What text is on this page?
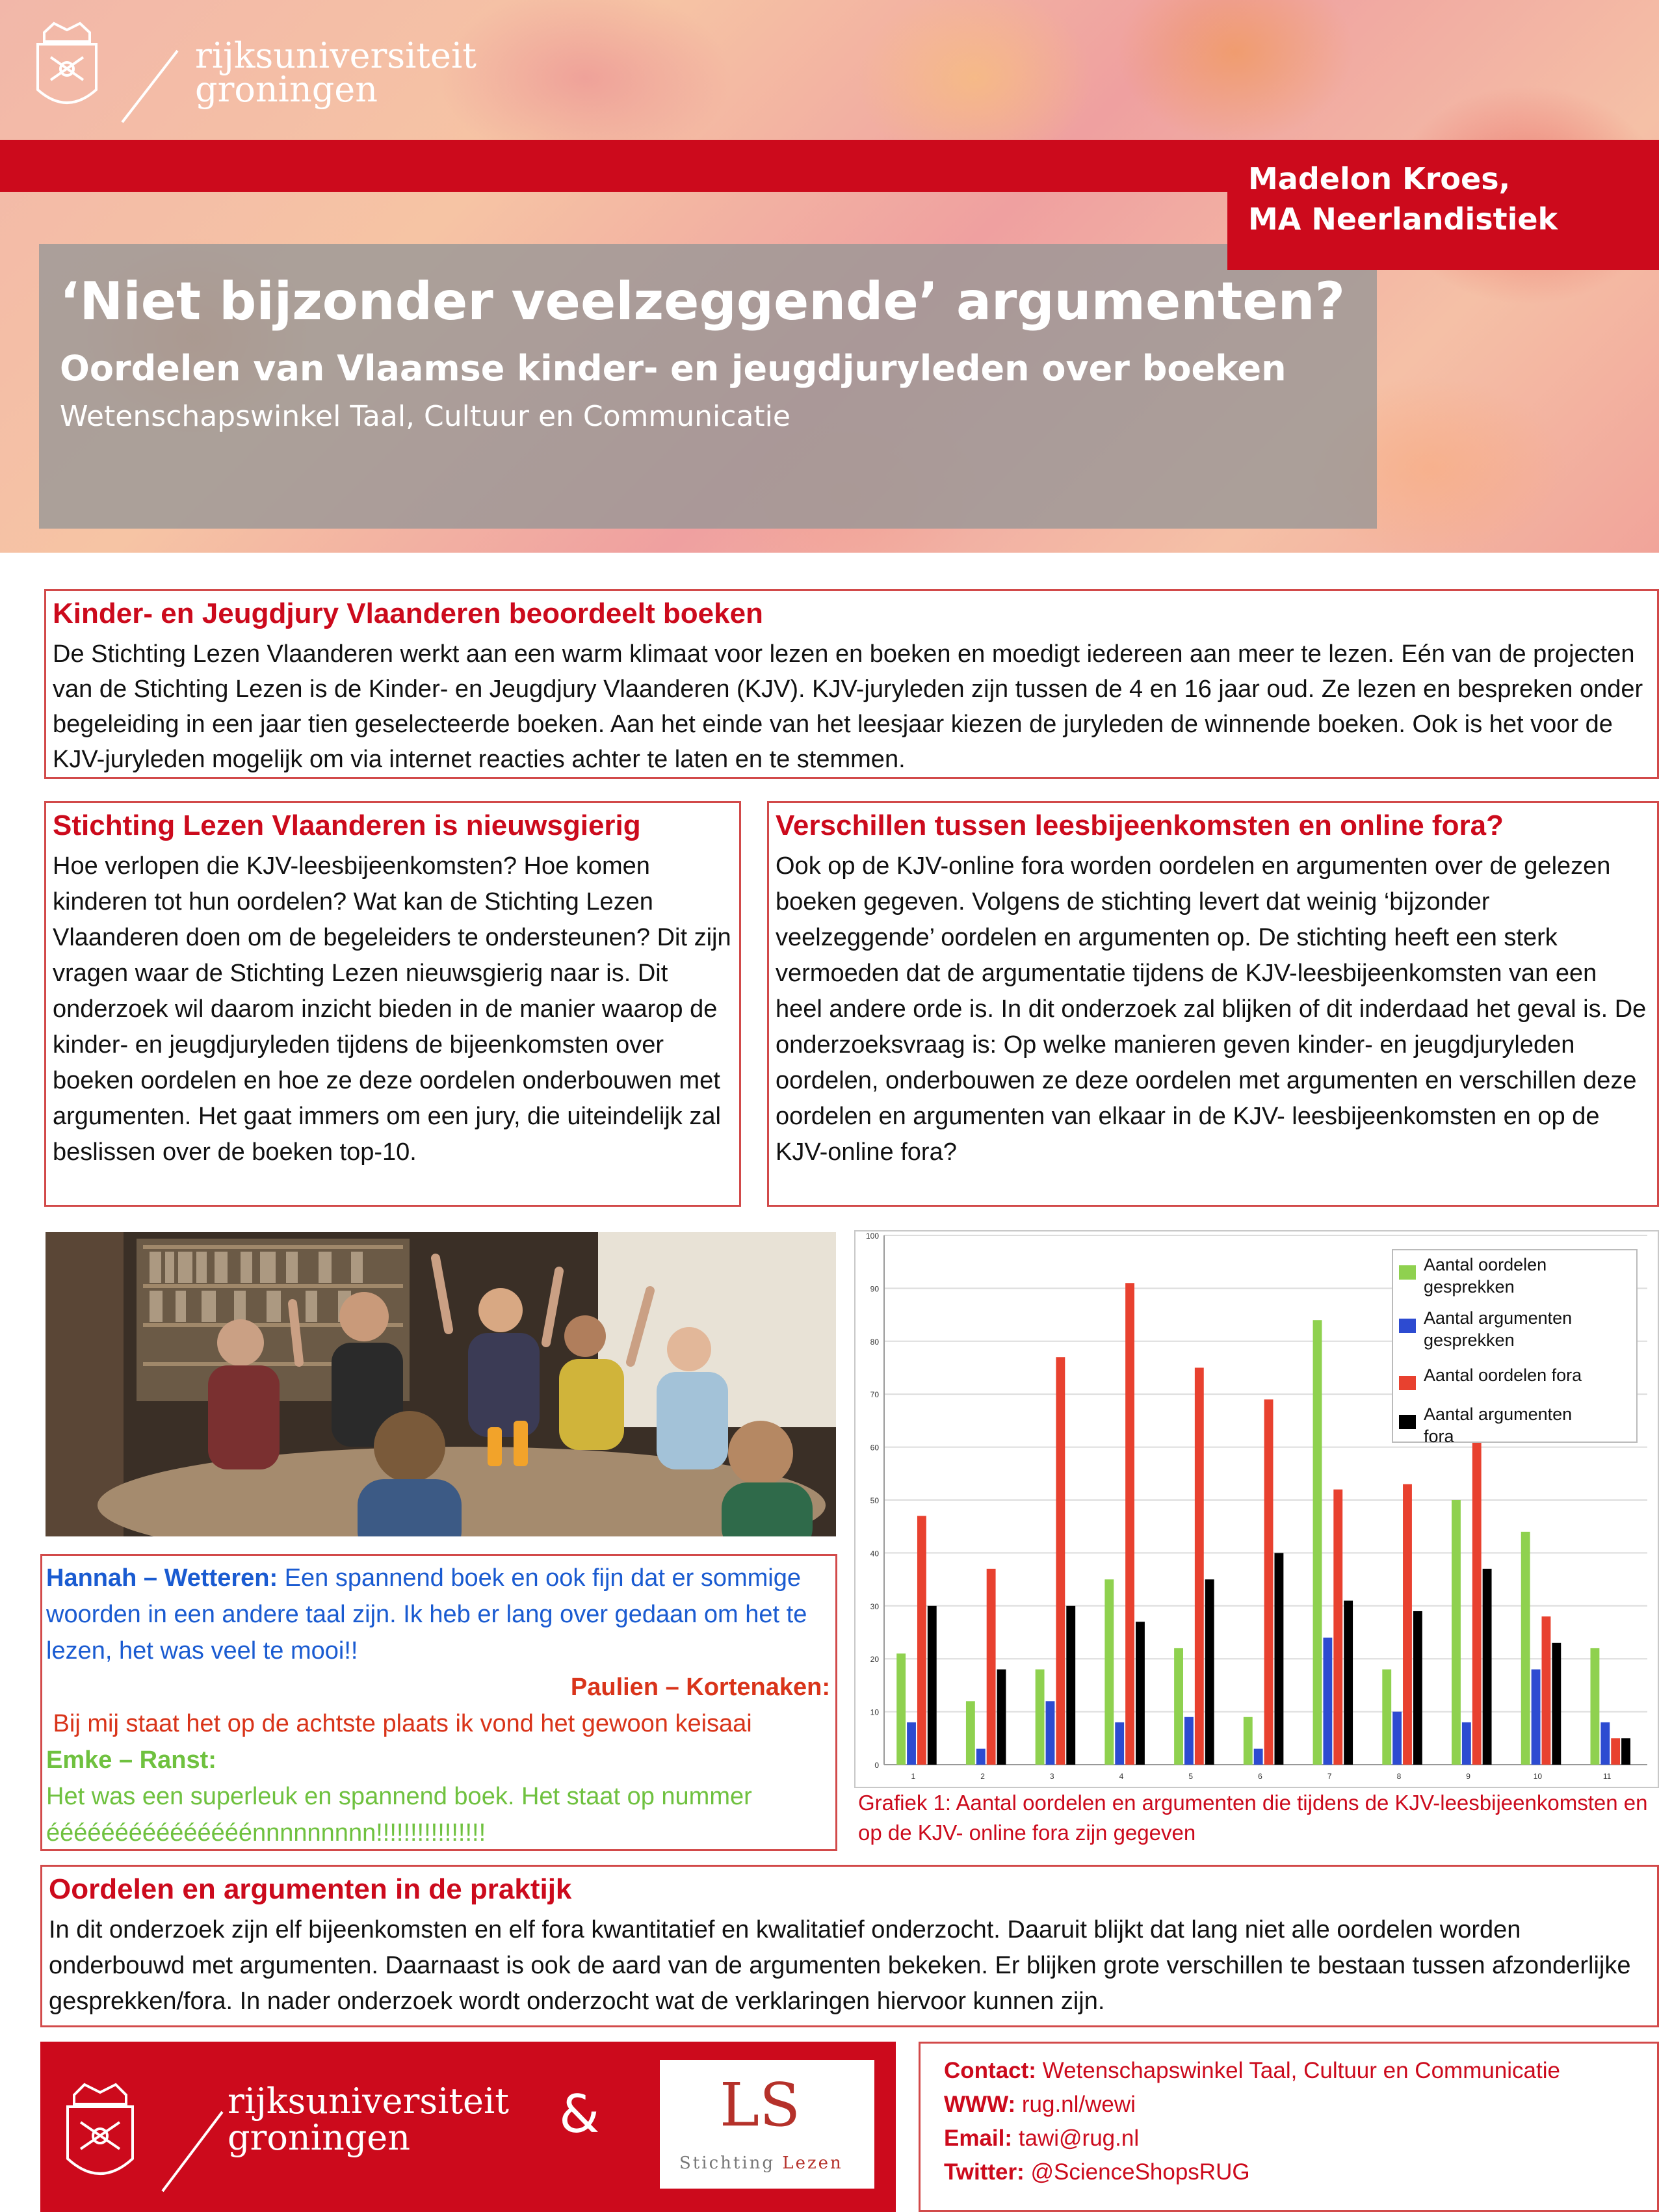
rijksuniversiteit
groningen
‘Niet bijzonder veelzeggende’ argumenten?
Oordelen van Vlaamse kinder- en jeugdjuryleden over boeken
Wetenschapswinkel Taal, Cultuur en Communicatie
Madelon Kroes,
MA Neerlandistiek
Kinder- en Jeugdjury Vlaanderen beoordeelt boeken
De Stichting Lezen Vlaanderen werkt aan een warm klimaat voor lezen en boeken en moedigt iedereen aan meer te lezen. Eén van de projecten van de Stichting Lezen is de Kinder- en Jeugdjury Vlaanderen (KJV). KJV-juryleden zijn tussen de 4 en 16 jaar oud. Ze lezen en bespreken onder begeleiding in een jaar tien geselecteerde boeken. Aan het einde van het leesjaar kiezen de juryleden de winnende boeken. Ook is het voor de KJV-juryleden mogelijk om via internet reacties achter te laten en te stemmen.
Stichting Lezen Vlaanderen is nieuwsgierig
Hoe verlopen die KJV-leesbijeenkomsten? Hoe komen kinderen tot hun oordelen? Wat kan de Stichting Lezen Vlaanderen doen om de begeleiders te ondersteunen? Dit zijn vragen waar de Stichting Lezen nieuwsgierig naar is. Dit onderzoek wil daarom inzicht bieden in de manier waarop de kinder- en jeugdjuryleden tijdens de bijeenkomsten over boeken oordelen en hoe ze deze oordelen onderbouwen met argumenten. Het gaat immers om een jury, die uiteindelijk zal beslissen over de boeken top-10.
Verschillen tussen leesbijeenkomsten en online fora?
Ook op de KJV-online fora worden oordelen en argumenten over de gelezen boeken gegeven. Volgens de stichting levert dat weinig ‘bijzonder veelzeggende’ oordelen en argumenten op. De stichting heeft een sterk vermoeden dat de argumentatie tijdens de KJV-leesbijeenkomsten van een heel andere orde is. In dit onderzoek zal blijken of dit inderdaad het geval is. De onderzoeksvraag is: Op welke manieren geven kinder- en jeugdjuryleden oordelen, onderbouwen ze deze oordelen met argumenten en verschillen deze oordelen en argumenten van elkaar in de KJV- leesbijeenkomsten en op de KJV-online fora?
Hannah – Wetteren: Een spannend boek en ook fijn dat er sommige woorden in een andere taal zijn. Ik heb er lang over gedaan om het te lezen, het was veel te mooi!!
Paulien – Kortenaken:
Bij mij staat het op de achtste plaats ik vond het gewoon keisaai
Emke – Ranst:
Het was een superleuk en spannend boek. Het staat op nummer ééééééééééééééénnnnnnnnn!!!!!!!!!!!!!!!!
0
10
20
30
40
50
60
70
80
90
100
1	2	3	4	5	6	7	8	9	10	11
Aantal oordelen
gesprekken
Aantal argumenten
gesprekken
Aantal oordelen fora
Aantal argumenten
fora
Grafiek 1: Aantal oordelen en argumenten die tijdens de KJV-leesbijeenkomsten en op de KJV- online fora zijn gegeven
Oordelen en argumenten in de praktijk
In dit onderzoek zijn elf bijeenkomsten en elf fora kwantitatief en kwalitatief onderzocht. Daaruit blijkt dat lang niet alle oordelen worden onderbouwd met argumenten. Daarnaast is ook de aard van de argumenten bekeken. Er blijken grote verschillen te bestaan tussen afzonderlijke gesprekken/fora. In nader onderzoek wordt onderzocht wat de verklaringen hiervoor kunnen zijn.
rijksuniversiteit
groningen	& LS
Stichting Lezen
Contact: Wetenschapswinkel Taal, Cultuur en Communicatie
WWW: rug.nl/wewi
Email: tawi@rug.nl
Twitter: @ScienceShopsRUG
